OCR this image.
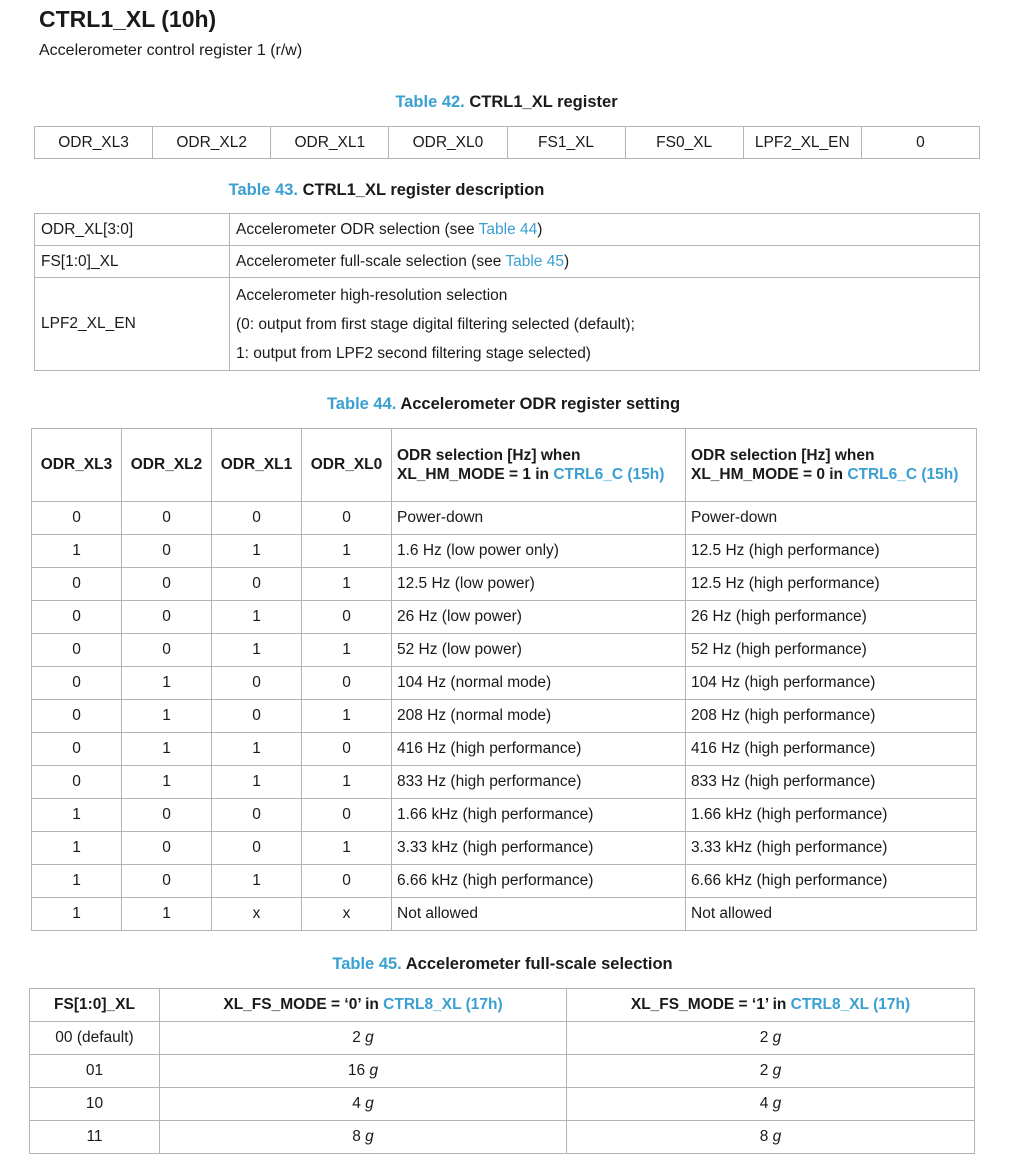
CTRL1_XL (10h)
Accelerometer control register 1 (r/w)
Table 42. CTRL1_XL register
ODR_XL3	ODR_XL2	ODR_XL1	ODR_XL0	FS1_XL	FS0_XL	LPF2_XL_EN	0
Table 43. CTRL1_XL register description
ODR_XL[3:0]	Accelerometer ODR selection (see Table 44)
FS[1:0]_XL	Accelerometer full-scale selection (see Table 45)
LPF2_XL_EN	Accelerometer high-resolution selection
(0: output from first stage digital filtering selected (default);
1: output from LPF2 second filtering stage selected)
Table 44. Accelerometer ODR register setting
ODR_XL3	ODR_XL2	ODR_XL1	ODR_XL0	ODR selection [Hz] when XL_HM_MODE = 1 in CTRL6_C (15h)	ODR selection [Hz] when XL_HM_MODE = 0 in CTRL6_C (15h)
0	0	0	0	Power-down	Power-down
1	0	1	1	1.6 Hz (low power only)	12.5 Hz (high performance)
0	0	0	1	12.5 Hz (low power)	12.5 Hz (high performance)
0	0	1	0	26 Hz (low power)	26 Hz (high performance)
0	0	1	1	52 Hz (low power)	52 Hz (high performance)
0	1	0	0	104 Hz (normal mode)	104 Hz (high performance)
0	1	0	1	208 Hz (normal mode)	208 Hz (high performance)
0	1	1	0	416 Hz (high performance)	416 Hz (high performance)
0	1	1	1	833 Hz (high performance)	833 Hz (high performance)
1	0	0	0	1.66 kHz (high performance)	1.66 kHz (high performance)
1	0	0	1	3.33 kHz (high performance)	3.33 kHz (high performance)
1	0	1	0	6.66 kHz (high performance)	6.66 kHz (high performance)
1	1	x	x	Not allowed	Not allowed
Table 45. Accelerometer full-scale selection
FS[1:0]_XL	XL_FS_MODE = ‘0’ in CTRL8_XL (17h)	XL_FS_MODE = ‘1’ in CTRL8_XL (17h)
00 (default)	2 g	2 g
01	16 g	2 g
10	4 g	4 g
11	8 g	8 g
